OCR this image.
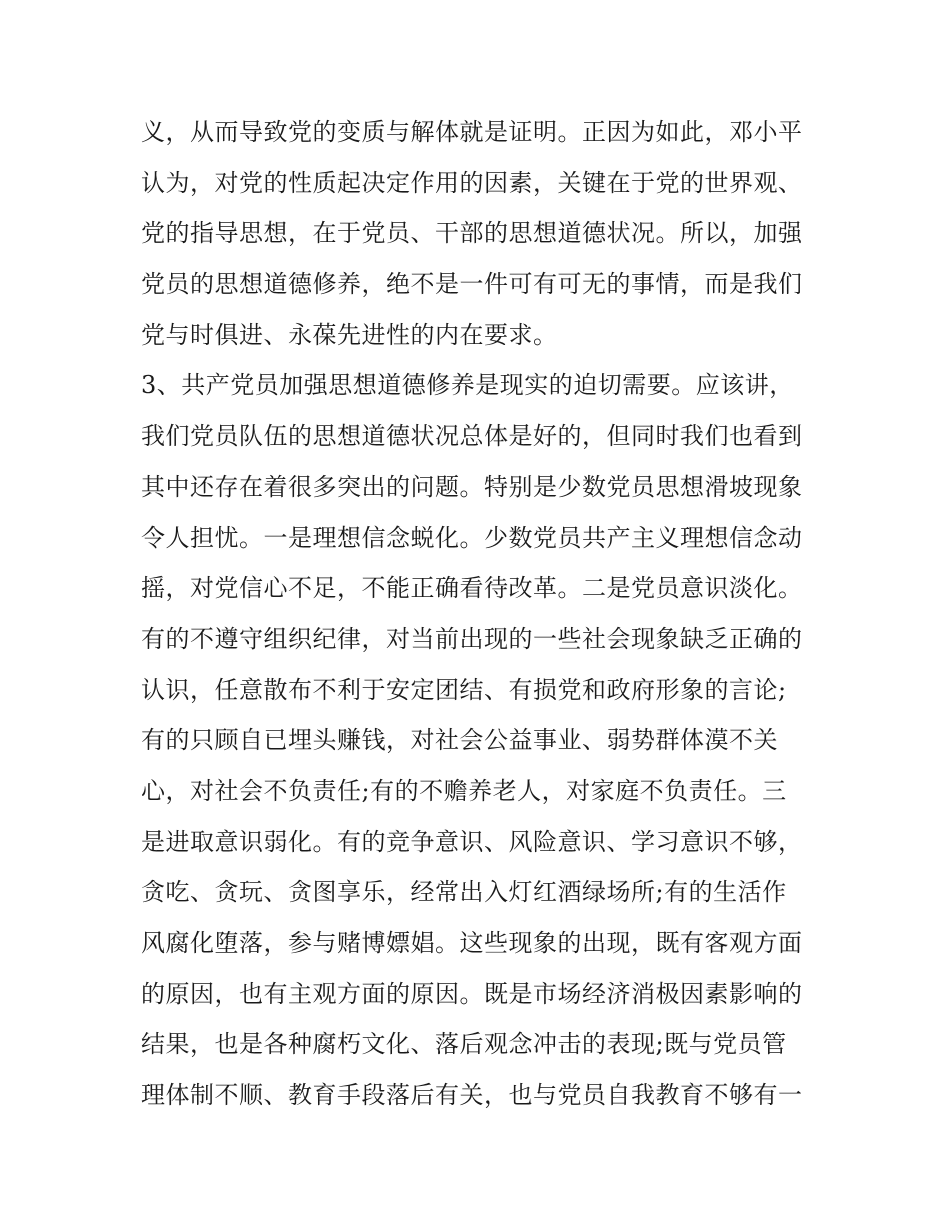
义，从而导致党的变质与解体就是证明。正因为如此，邓小平
认为，对党的性质起决定作用的因素，关键在于党的世界观、
党的指导思想，在于党员、干部的思想道德状况。所以，加强
党员的思想道德修养，绝不是一件可有可无的事情，而是我们
党与时俱进、永葆先进性的内在要求。
3、共产党员加强思想道德修养是现实的迫切需要。应该讲，
我们党员队伍的思想道德状况总体是好的，但同时我们也看到
其中还存在着很多突出的问题。特别是少数党员思想滑坡现象
令人担忧。一是理想信念蜕化。少数党员共产主义理想信念动
摇，对党信心不足，不能正确看待改革。二是党员意识淡化。
有的不遵守组织纪律，对当前出现的一些社会现象缺乏正确的
认识，任意散布不利于安定团结、有损党和政府形象的言论;
有的只顾自已埋头赚钱，对社会公益事业、弱势群体漠不关
心，对社会不负责任;有的不赡养老人，对家庭不负责任。三
是进取意识弱化。有的竞争意识、风险意识、学习意识不够，
贪吃、贪玩、贪图享乐，经常出入灯红酒绿场所;有的生活作
风腐化堕落，参与赌博嫖娼。这些现象的出现，既有客观方面
的原因，也有主观方面的原因。既是市场经济消极因素影响的
结果，也是各种腐朽文化、落后观念冲击的表现;既与党员管
理体制不顺、教育手段落后有关，也与党员自我教育不够有一
